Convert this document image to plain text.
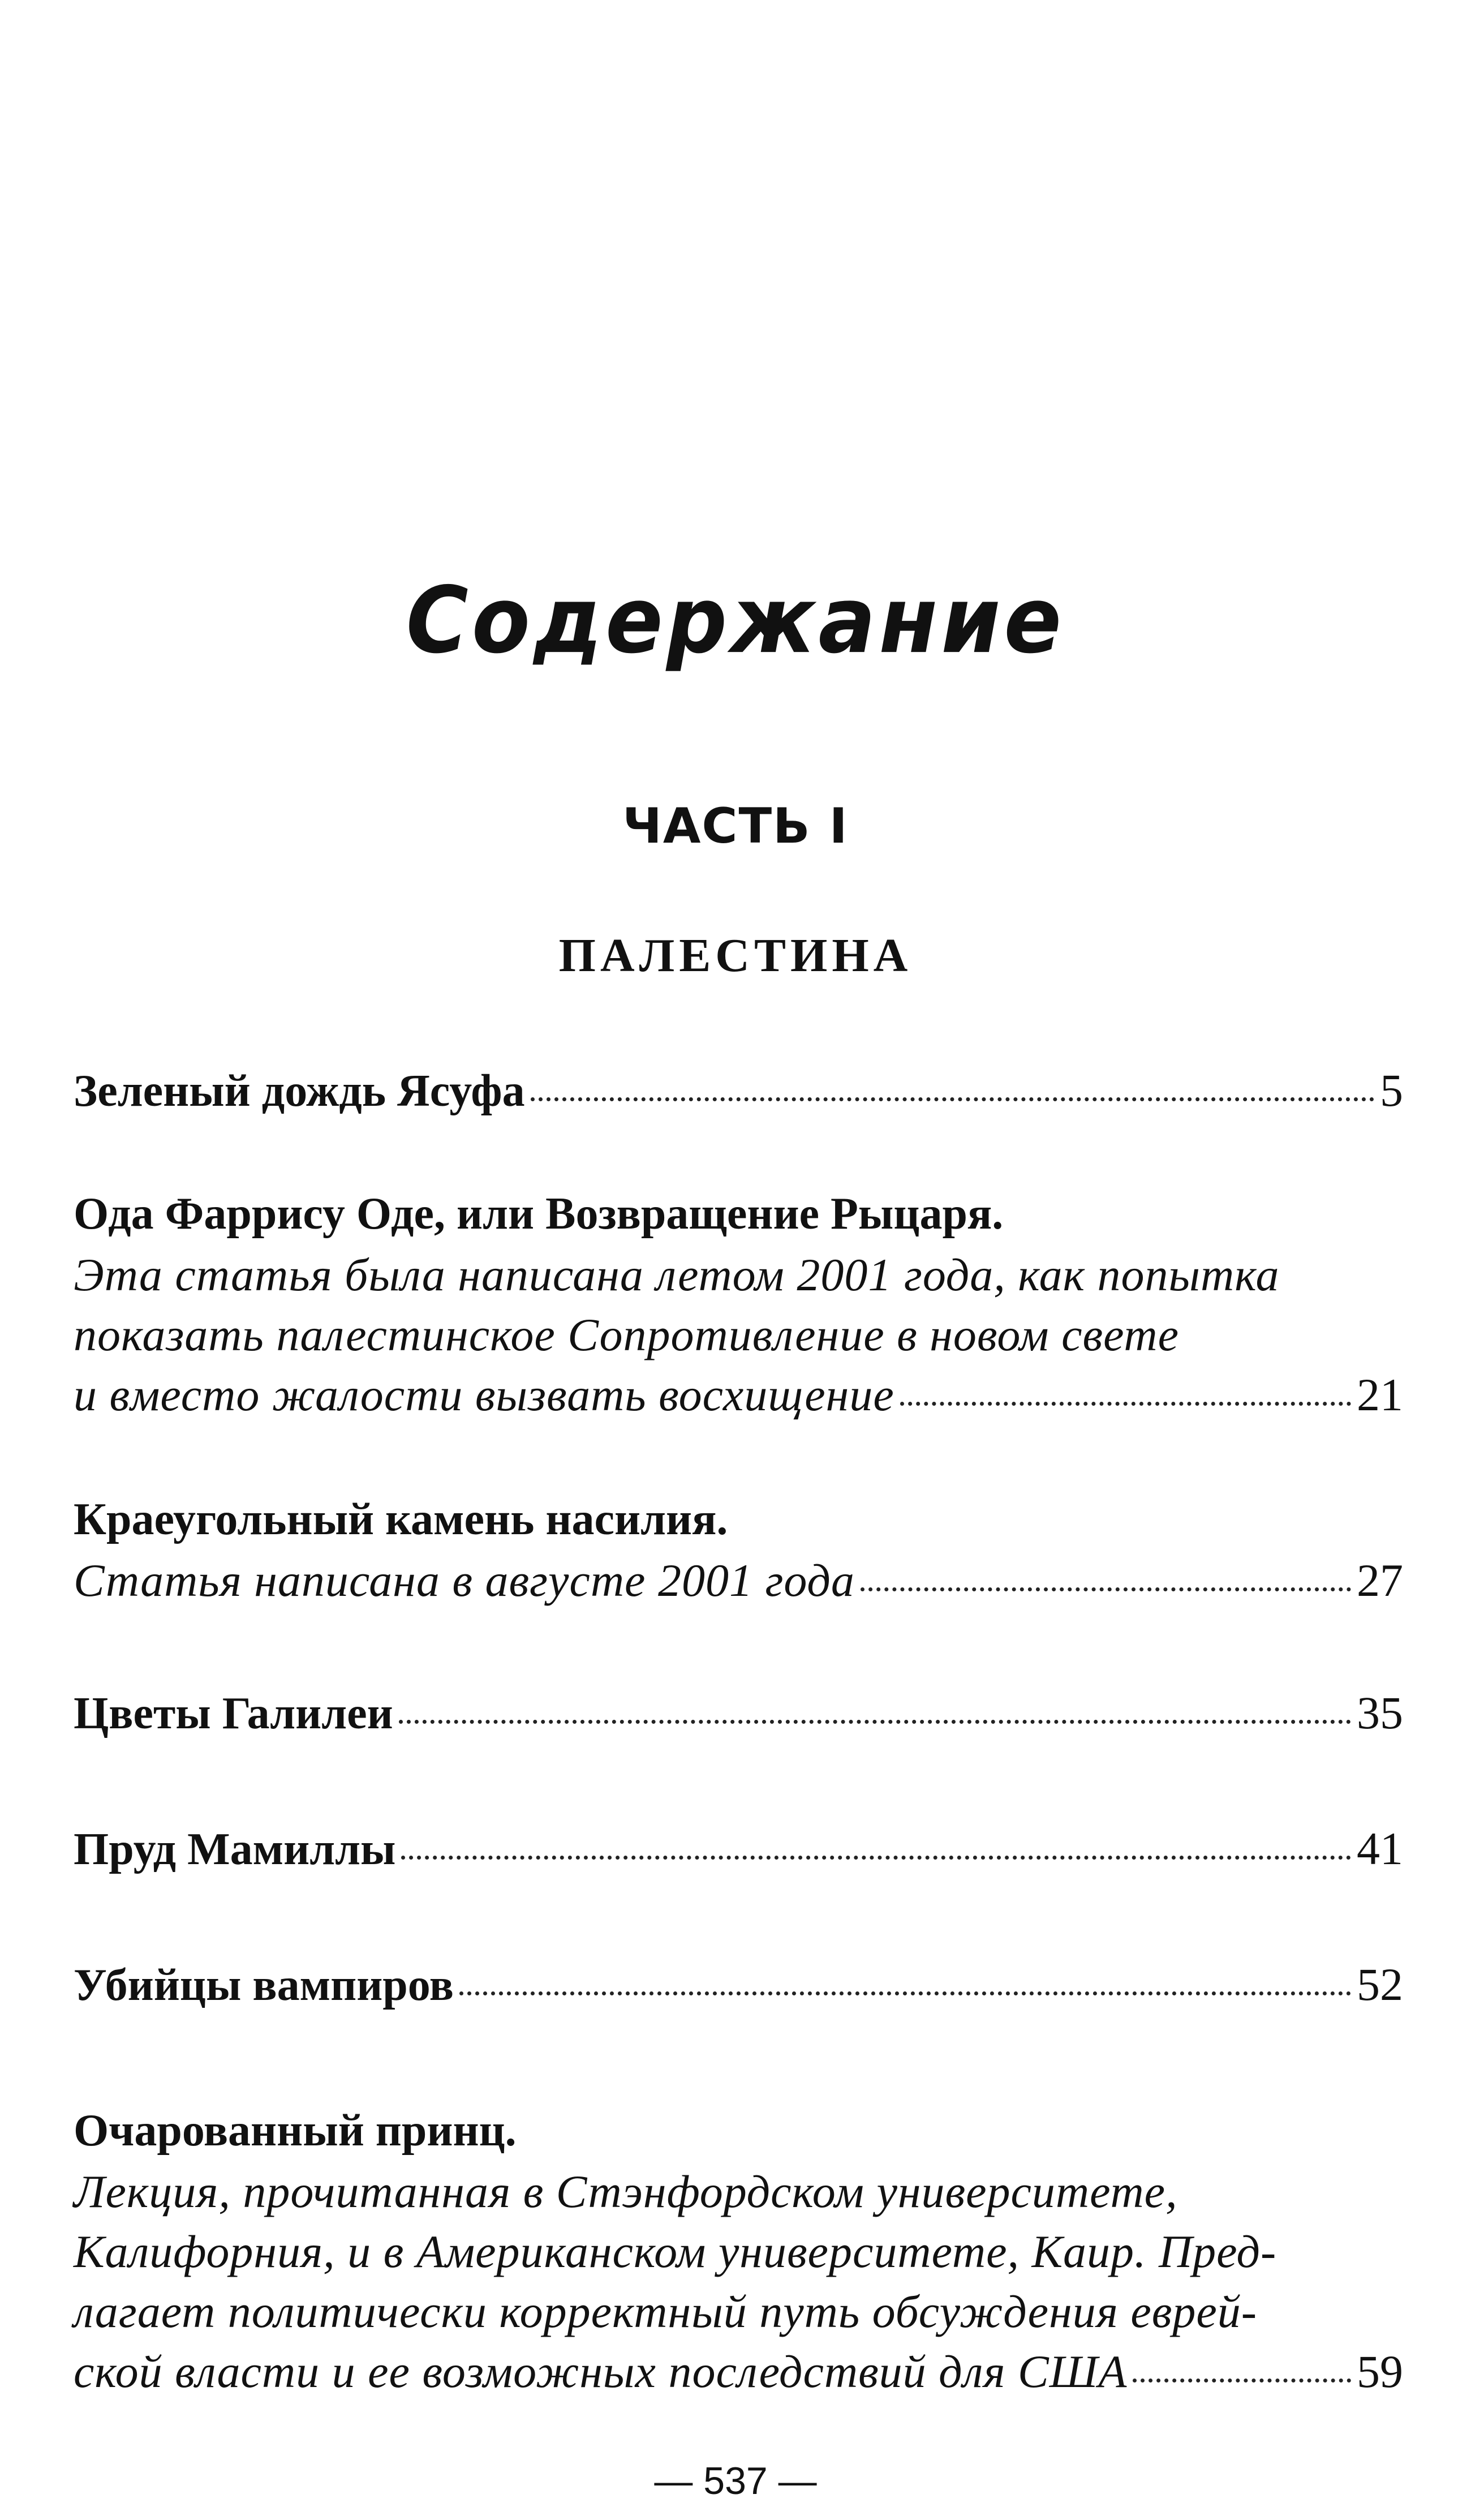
Содержание
ЧАСТЬ I
ПАЛЕСТИНА
Зеленый дождь Ясуфа	5
Ода Фаррису Оде, или Возвращение Рыцаря.
Эта статья была написана летом 2001 года, как попытка
показать палестинское Сопротивление в новом свете
и вместо жалости вызвать восхищение	21
Краеугольный камень насилия.
Статья написана в августе 2001 года	27
Цветы Галилеи	35
Пруд Мамиллы	41
Убийцы вампиров	52
Очарованный принц.
Лекция, прочитанная в Стэнфордском университете,
Калифорния, и в Американском университете, Каир. Пред-
лагает политически корректный путь обсуждения еврей-
ской власти и ее возможных последствий для США	59
— 537 —
